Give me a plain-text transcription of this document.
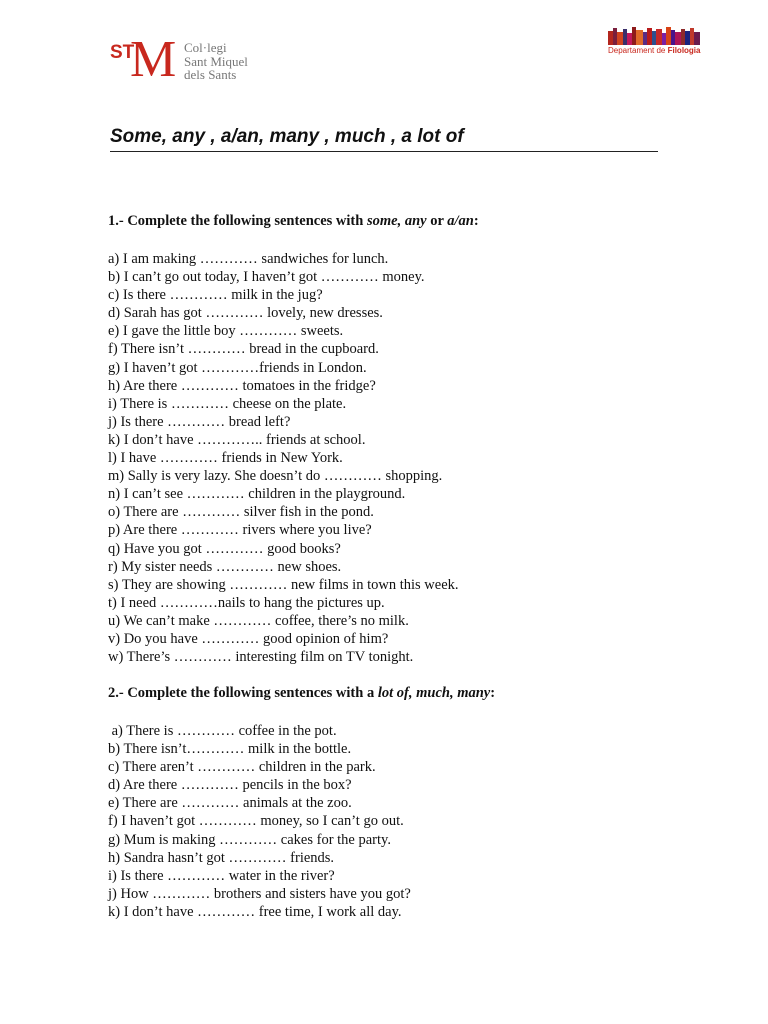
ST
M Col·legi
Sant Miquel
dels Sants
Departament de Filologia
Some, any , a/an, many , much , a lot of
1.- Complete the following sentences with some, any or a/an:
a) I am making ………… sandwiches for lunch.
b) I can’t go out today, I haven’t got ………… money.
c) Is there ………… milk in the jug?
d) Sarah has got ………… lovely, new dresses.
e) I gave the little boy ………… sweets.
f) There isn’t ………… bread in the cupboard.
g) I haven’t got …………friends in London.
h) Are there ………… tomatoes in the fridge?
i) There is ………… cheese on the plate.
j) Is there ………… bread left?
k) I don’t have ………….. friends at school.
l) I have ………… friends in New York.
m) Sally is very lazy. She doesn’t do ………… shopping.
n) I can’t see ………… children in the playground.
o) There are ………… silver fish in the pond.
p) Are there ………… rivers where you live?
q) Have you got ………… good books?
r) My sister needs ………… new shoes.
s) They are showing ………… new films in town this week.
t) I need …………nails to hang the pictures up.
u) We can’t make ………… coffee, there’s no milk.
v) Do you have ………… good opinion of him?
w) There’s ………… interesting film on TV tonight.
2.- Complete the following sentences with a lot of, much, many:
a) There is ………… coffee in the pot.
b) There isn’t………… milk in the bottle.
c) There aren’t ………… children in the park.
d) Are there ………… pencils in the box?
e) There are ………… animals at the zoo.
f) I haven’t got ………… money, so I can’t go out.
g) Mum is making ………… cakes for the party.
h) Sandra hasn’t got ………… friends.
i) Is there ………… water in the river?
j) How ………… brothers and sisters have you got?
k) I don’t have ………… free time, I work all day.
